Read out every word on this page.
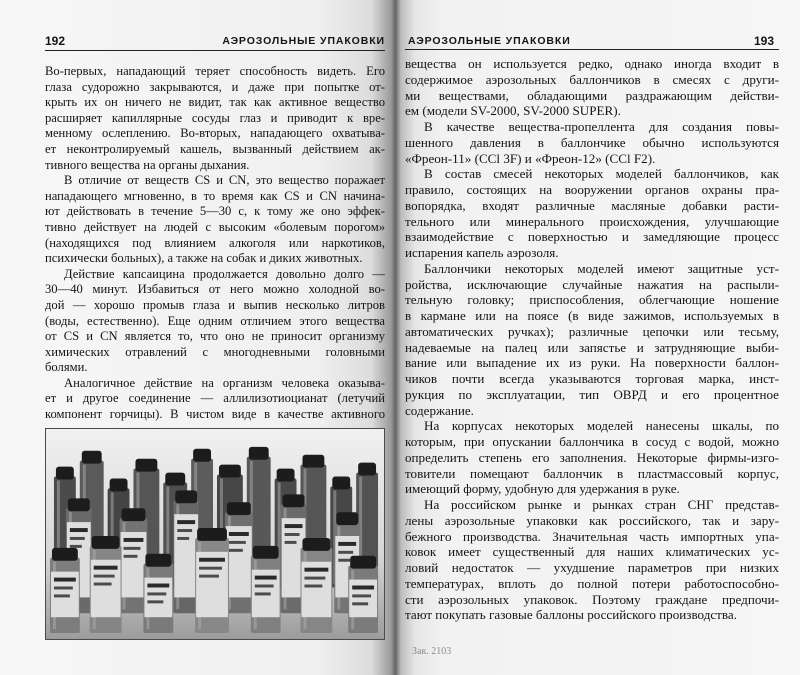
192	АЭРОЗОЛЬНЫЕ УПАКОВКИ
Во-первых, нападающий теряет способность видеть. Его
глаза судорожно закрываются, и даже при попытке от-
крыть их он ничего не видит, так как активное вещество
расширяет капиллярные сосуды глаз и приводит к вре-
менному ослеплению. Во-вторых, нападающего охватыва-
ет неконтролируемый кашель, вызванный действием ак-
тивного вещества на органы дыхания.
В отличие от веществ CS и CN, это вещество поражает
нападающего мгновенно, в то время как CS и CN начина-
ют действовать в течение 5—30 с, к тому же оно эффек-
тивно действует на людей с высоким «болевым порогом»
(находящихся под влиянием алкоголя или наркотиков,
психически больных), а также на собак и диких животных.
Действие капсаицина продолжается довольно долго —
30—40 минут. Избавиться от него можно холодной во-
дой — хорошо промыв глаза и выпив несколько литров
(воды, естественно). Еще одним отличием этого вещества
от CS и CN является то, что оно не приносит организму
химических отравлений с многодневными головными
болями.
Аналогичное действие на организм человека оказыва-
ет и другое соединение — аллилизотиоцианат (летучий
компонент горчицы). В чистом виде в качестве активного
АЭРОЗОЛЬНЫЕ УПАКОВКИ	193
вещества он используется редко, однако иногда входит в
содержимое аэрозольных баллончиков в смесях с други-
ми веществами, обладающими раздражающим действи-
ем (модели SV-2000, SV-2000 SUPER).
В качестве вещества-пропеллента для создания повы-
шенного давления в баллончике обычно используются
«Фреон-11» (CCl 3F) и «Фреон-12» (CCl F2).
В состав смесей некоторых моделей баллончиков, как
правило, состоящих на вооружении органов охраны пра-
вопорядка, входят различные масляные добавки расти-
тельного или минерального происхождения, улучшающие
взаимодействие с поверхностью и замедляющие процесс
испарения капель аэрозоля.
Баллончики некоторых моделей имеют защитные уст-
ройства, исключающие случайные нажатия на распыли-
тельную головку; приспособления, облегчающие ношение
в кармане или на поясе (в виде зажимов, используемых в
автоматических ручках); различные цепочки или тесьму,
надеваемые на палец или запястье и затрудняющие выби-
вание или выпадение их из руки. На поверхности баллон-
чиков почти всегда указываются торговая марка, инст-
рукция по эксплуатации, тип ОВРД и его процентное
содержание.
На корпусах некоторых моделей нанесены шкалы, по
которым, при опускании баллончика в сосуд с водой, можно
определить степень его заполнения. Некоторые фирмы-изго-
товители помещают баллончик в пластмассовый корпус,
имеющий форму, удобную для удержания в руке.
На российском рынке и рынках стран СНГ представ-
лены аэрозольные упаковки как российского, так и зару-
бежного производства. Значительная часть импортных упа-
ковок имеет существенный для наших климатических ус-
ловий недостаток — ухудшение параметров при низких
температурах, вплоть до полной потери работоспособно-
сти аэрозольных упаковок. Поэтому граждане предпочи-
тают покупать газовые баллоны российского производства.
Зак. 2103
